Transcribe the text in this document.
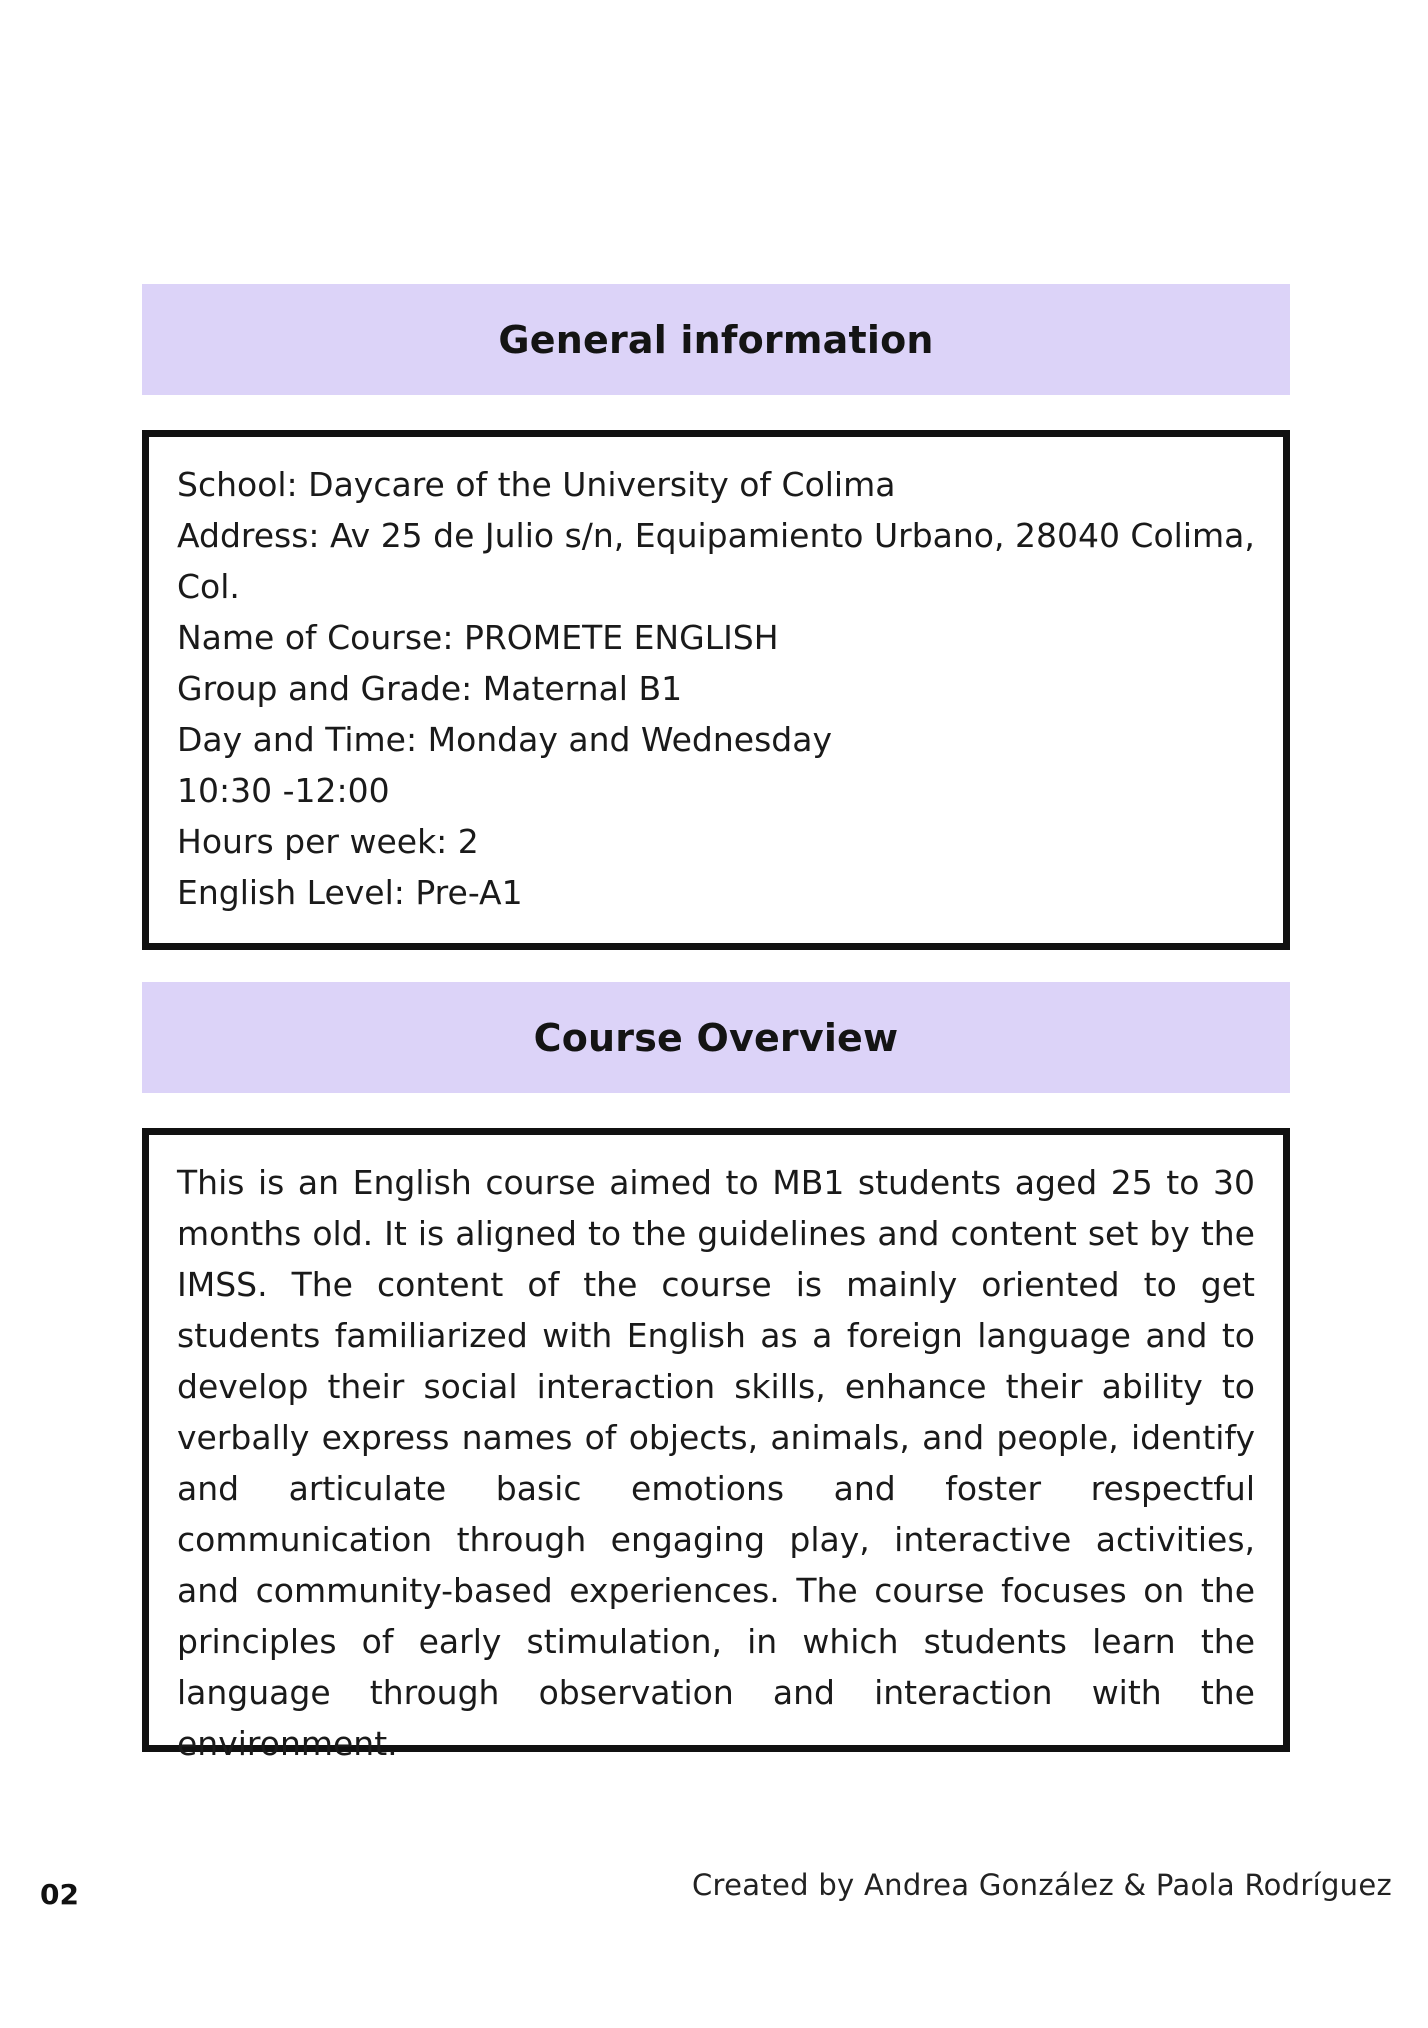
General information
School: Daycare of the University of Colima
Address: Av 25 de Julio s/n, Equipamiento Urbano, 28040 Colima,
Col.
Name of Course: PROMETE ENGLISH
Group and Grade: Maternal B1
Day and Time: Monday and Wednesday
10:30 -12:00
Hours per week: 2
English Level: Pre-A1
Course Overview

This is an English course aimed to MB1 students aged 25 to 30 months old. It is aligned to the guidelines and content set by the IMSS. The content of the course is mainly oriented to get students familiarized with English as a foreign language and to develop their social interaction skills, enhance their ability to verbally express names of objects, animals, and people, identify and articulate basic emotions and foster respectful communication through engaging play, interactive activities, and community-based experiences. The course focuses on the principles of early stimulation, in which students learn the language through observation and interaction with the environment.

02	Created by Andrea González & Paola Rodríguez
